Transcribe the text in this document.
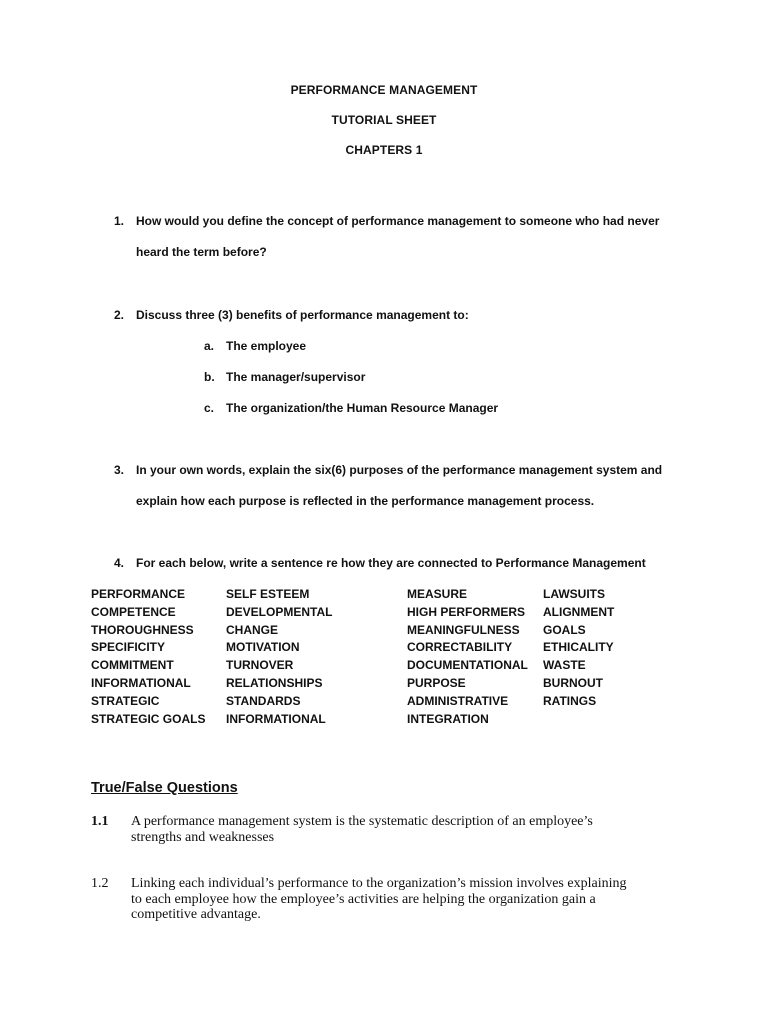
PERFORMANCE MANAGEMENT
TUTORIAL SHEET
CHAPTERS 1
1. How would you define the concept of performance management to someone who had never
heard the term before?
2. Discuss three (3) benefits of performance management to:
a. The employee
b. The manager/supervisor
c. The organization/the Human Resource Manager
3. In your own words, explain the six(6) purposes of the performance management system and
explain how each purpose is reflected in the performance management process.
4. For each below, write a sentence re how they are connected to Performance Management
PERFORMANCE
COMPETENCE
THOROUGHNESS
SPECIFICITY
COMMITMENT
INFORMATIONAL
STRATEGIC
STRATEGIC GOALS
SELF ESTEEM
DEVELOPMENTAL
CHANGE
MOTIVATION
TURNOVER
RELATIONSHIPS
STANDARDS
INFORMATIONAL
MEASURE
HIGH PERFORMERS
MEANINGFULNESS
CORRECTABILITY
DOCUMENTATIONAL
PURPOSE
ADMINISTRATIVE
INTEGRATION
LAWSUITS
ALIGNMENT
GOALS
ETHICALITY
WASTE
BURNOUT
RATINGS
True/False Questions
1.1 A performance management system is the systematic description of an employee’s
strengths and weaknesses
1.2 Linking each individual’s performance to the organization’s mission involves explaining
to each employee how the employee’s activities are helping the organization gain a
competitive advantage.
